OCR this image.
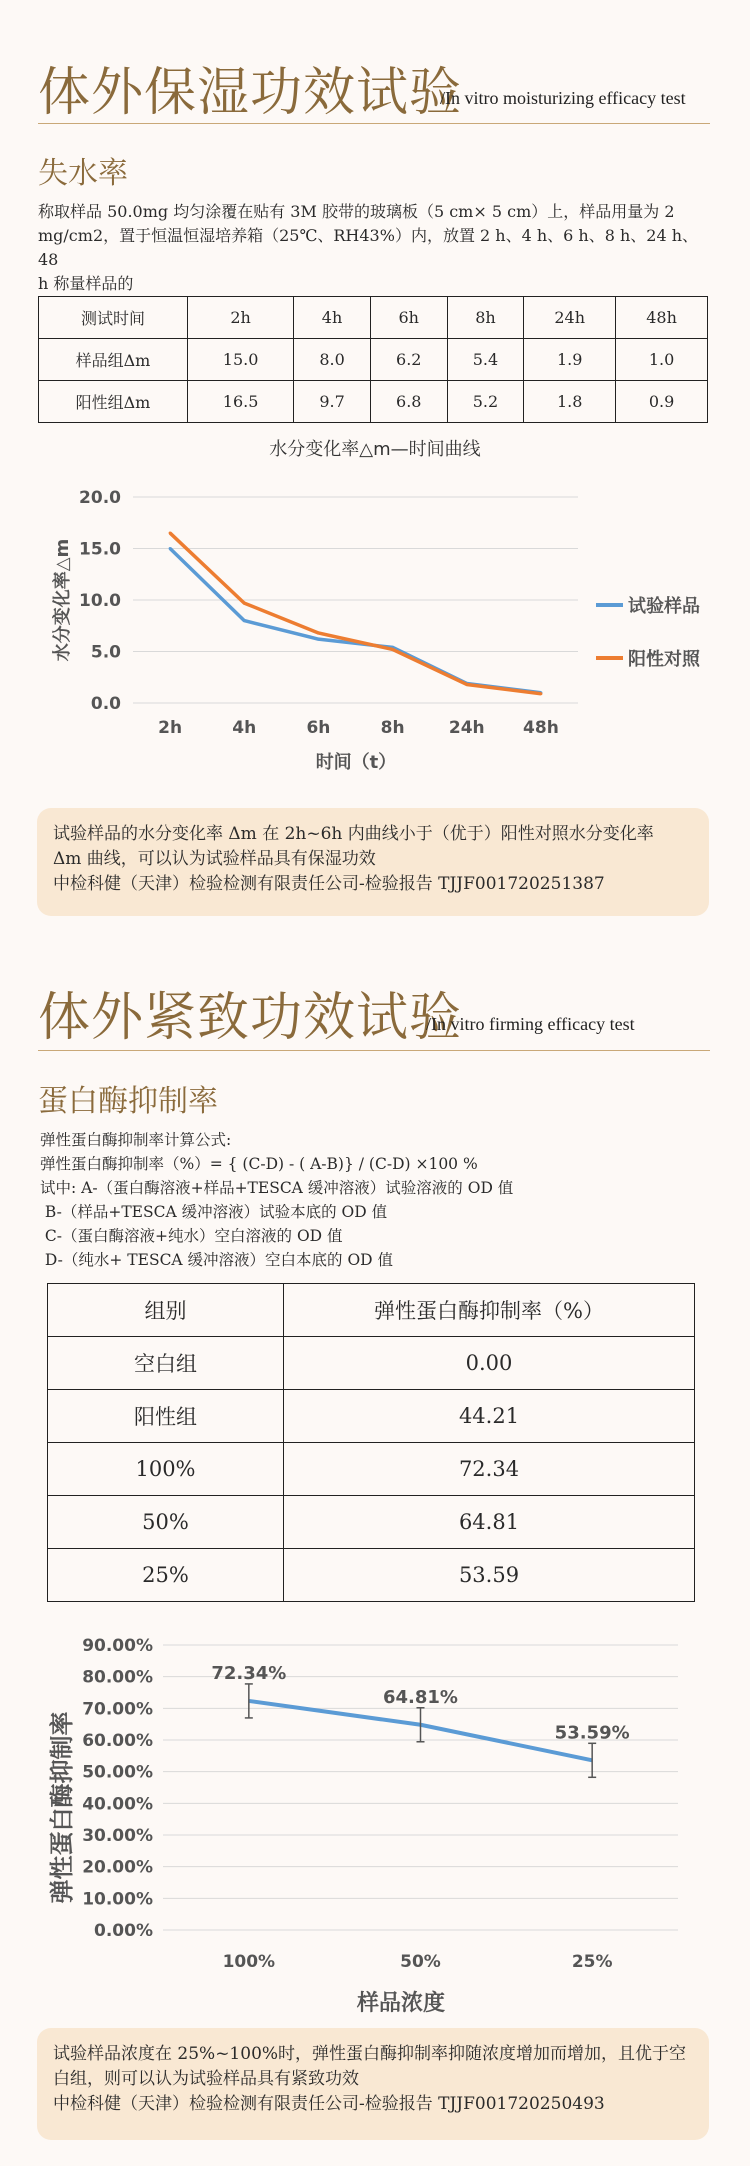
体外保湿功效试验
/In vitro moisturizing efficacy test
失水率
称取样品 50.0mg 均匀涂覆在贴有 3M 胶带的玻璃板（5 cm× 5 cm）上，样品用量为 2
mg/cm2，置于恒温恒湿培养箱（25℃、RH43%）内，放置 2 h、4 h、6 h、8 h、24 h、48
h 称量样品的
测试时间	2h	4h	6h	8h	24h	48h
样品组Δm	15.0	8.0	6.2	5.4	1.9	1.0
阳性组Δm	16.5	9.7	6.8	5.2	1.8	0.9
水分变化率△m—时间曲线
0.0
5.0
10.0
15.0
20.0
2h	4h	6h	8h	24h 48h
时间（t）
水分变化率△m	试验样品
阳性对照
试验样品的水分变化率 Δm 在 2h~6h 内曲线小于（优于）阳性对照水分变化率
Δm 曲线，可以认为试验样品具有保湿功效
中检科健（天津）检验检测有限责任公司-检验报告 TJJF001720251387
体外紧致功效试验
/In vitro firming efficacy test
蛋白酶抑制率
弹性蛋白酶抑制率计算公式:
弹性蛋白酶抑制率（%）= { (C-D) - ( A-B)} / (C-D) ×100 %
试中: A-（蛋白酶溶液+样品+TESCA 缓冲溶液）试验溶液的 OD 值
B-（样品+TESCA 缓冲溶液）试验本底的 OD 值
C-（蛋白酶溶液+纯水）空白溶液的 OD 值
D-（纯水+ TESCA 缓冲溶液）空白本底的 OD 值
组别	弹性蛋白酶抑制率（%）
空白组	0.00
阳性组	44.21
100%	72.34
50%	64.81
25%	53.59
0.00%
10.00%
20.00%
30.00%
40.00%
50.00%
60.00%
70.00%
80.00%
90.00%
100%	50%	25%
样品浓度
弹性蛋白酶抑制率
72.34%
64.81%
53.59%
试验样品浓度在 25%~100%时，弹性蛋白酶抑制率抑随浓度增加而增加，且优于空
白组，则可以认为试验样品具有紧致功效
中检科健（天津）检验检测有限责任公司-检验报告 TJJF001720250493
